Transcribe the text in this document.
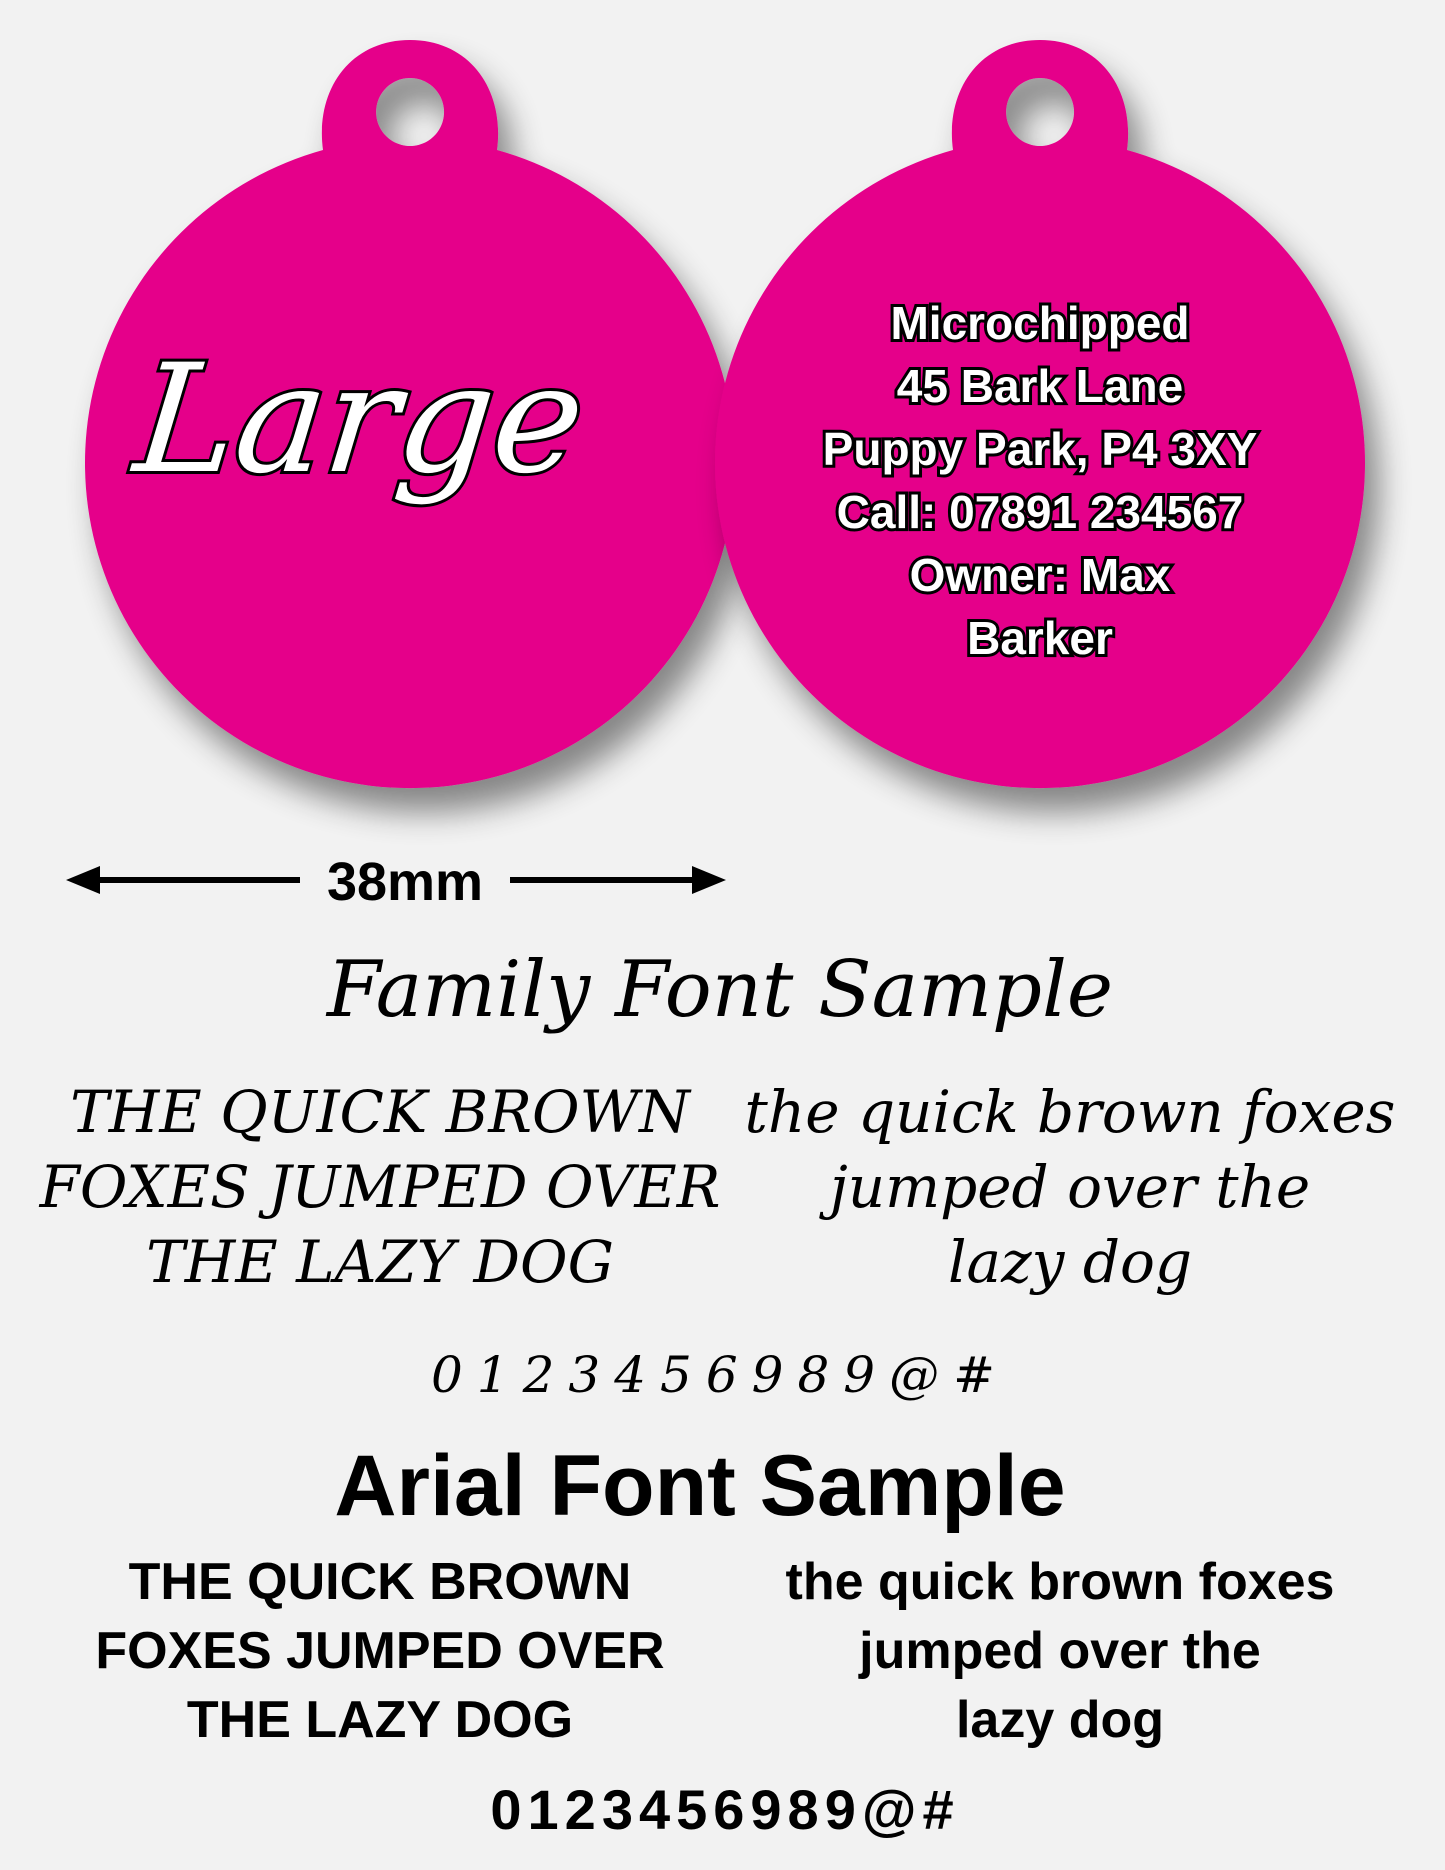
Large
Microchipped
45 Bark Lane
Puppy Park, P4 3XY
Call: 07891 234567
Owner: Max
Barker
38mm
Family Font Sample
THE QUICK BROWN
FOXES JUMPED OVER
THE LAZY DOG
the quick brown foxes
jumped over the
lazy dog
0123456989@#
Arial Font Sample
THE QUICK BROWN
FOXES JUMPED OVER
THE LAZY DOG
the quick brown foxes
jumped over the
lazy dog
0123456989@#
